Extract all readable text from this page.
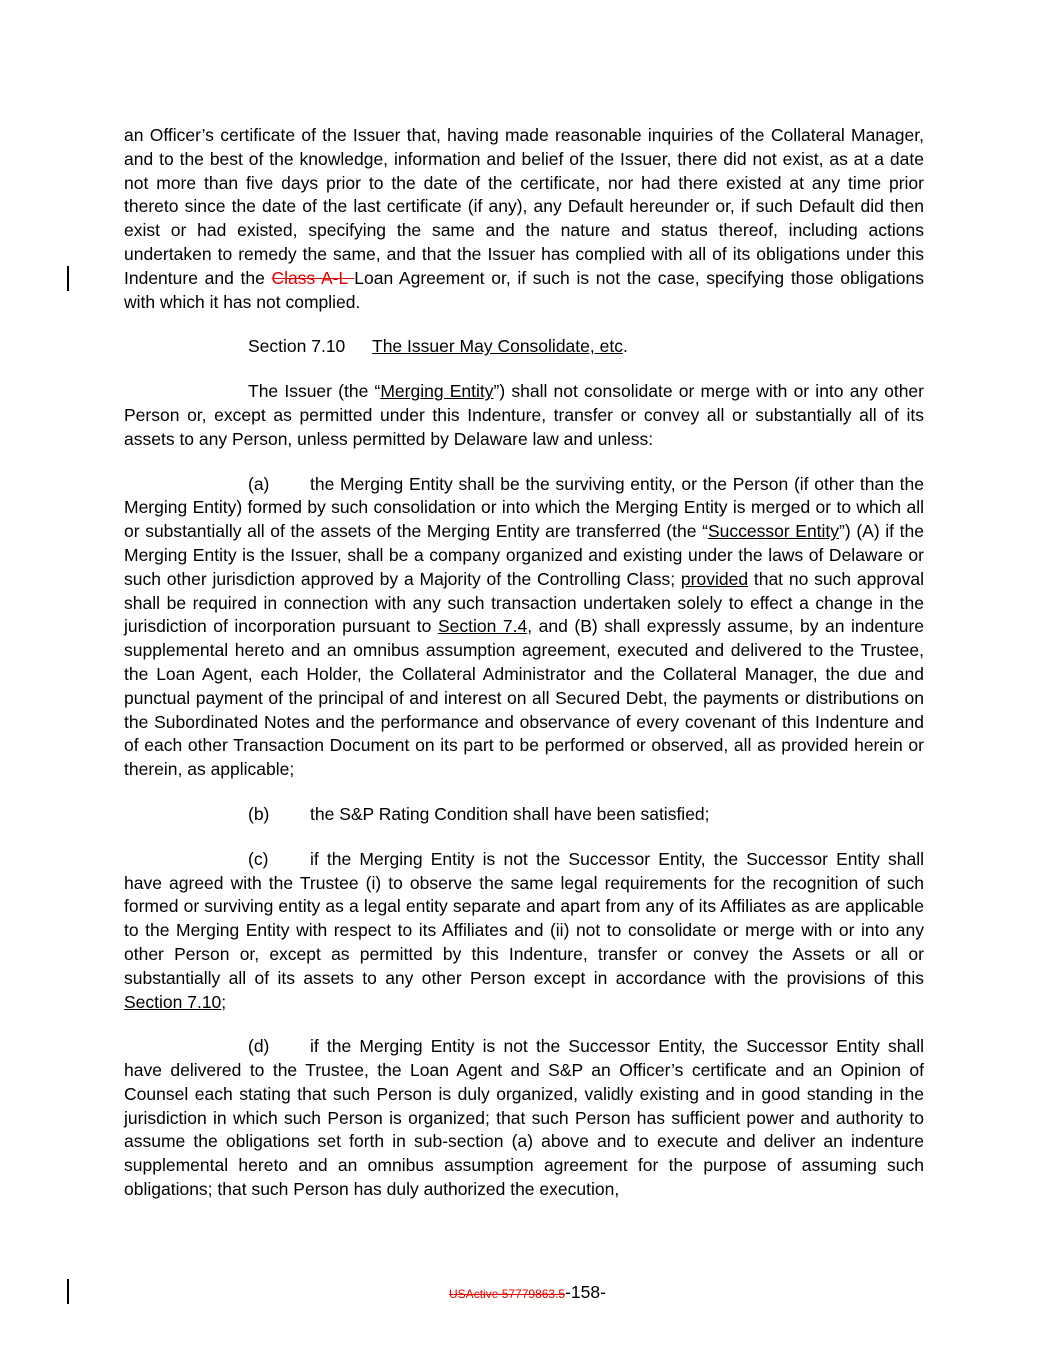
an Officer’s certificate of the Issuer that, having made reasonable inquiries of the Collateral Manager, and to the best of the knowledge, information and belief of the Issuer, there did not exist, as at a date not more than five days prior to the date of the certificate, nor had there existed at any time prior thereto since the date of the last certificate (if any), any Default hereunder or, if such Default did then exist or had existed, specifying the same and the nature and status thereof, including actions undertaken to remedy the same, and that the Issuer has complied with all of its obligations under this Indenture and the Class A-L Loan Agreement or, if such is not the case, specifying those obligations with which it has not complied.

Section 7.10 The Issuer May Consolidate, etc.

The Issuer (the “Merging Entity”) shall not consolidate or merge with or into any other Person or, except as permitted under this Indenture, transfer or convey all or substantially all of its assets to any Person, unless permitted by Delaware law and unless:

(a) the Merging Entity shall be the surviving entity, or the Person (if other than the Merging Entity) formed by such consolidation or into which the Merging Entity is merged or to which all or substantially all of the assets of the Merging Entity are transferred (the “Successor Entity”) (A) if the Merging Entity is the Issuer, shall be a company organized and existing under the laws of Delaware or such other jurisdiction approved by a Majority of the Controlling Class; provided that no such approval shall be required in connection with any such transaction undertaken solely to effect a change in the jurisdiction of incorporation pursuant to Section 7.4, and (B) shall expressly assume, by an indenture supplemental hereto and an omnibus assumption agreement, executed and delivered to the Trustee, the Loan Agent, each Holder, the Collateral Administrator and the Collateral Manager, the due and punctual payment of the principal of and interest on all Secured Debt, the payments or distributions on the Subordinated Notes and the performance and observance of every covenant of this Indenture and of each other Transaction Document on its part to be performed or observed, all as provided herein or therein, as applicable;

(b) the S&P Rating Condition shall have been satisfied;

(c) if the Merging Entity is not the Successor Entity, the Successor Entity shall have agreed with the Trustee (i) to observe the same legal requirements for the recognition of such formed or surviving entity as a legal entity separate and apart from any of its Affiliates as are applicable to the Merging Entity with respect to its Affiliates and (ii) not to consolidate or merge with or into any other Person or, except as permitted by this Indenture, transfer or convey the Assets or all or substantially all of its assets to any other Person except in accordance with the provisions of this Section 7.10;

(d) if the Merging Entity is not the Successor Entity, the Successor Entity shall have delivered to the Trustee, the Loan Agent and S&P an Officer’s certificate and an Opinion of Counsel each stating that such Person is duly organized, validly existing and in good standing in the jurisdiction in which such Person is organized; that such Person has sufficient power and authority to assume the obligations set forth in sub-section (a) above and to execute and deliver an indenture supplemental hereto and an omnibus assumption agreement for the purpose of assuming such obligations; that such Person has duly authorized the execution,

USActive 57779863.5-158-
